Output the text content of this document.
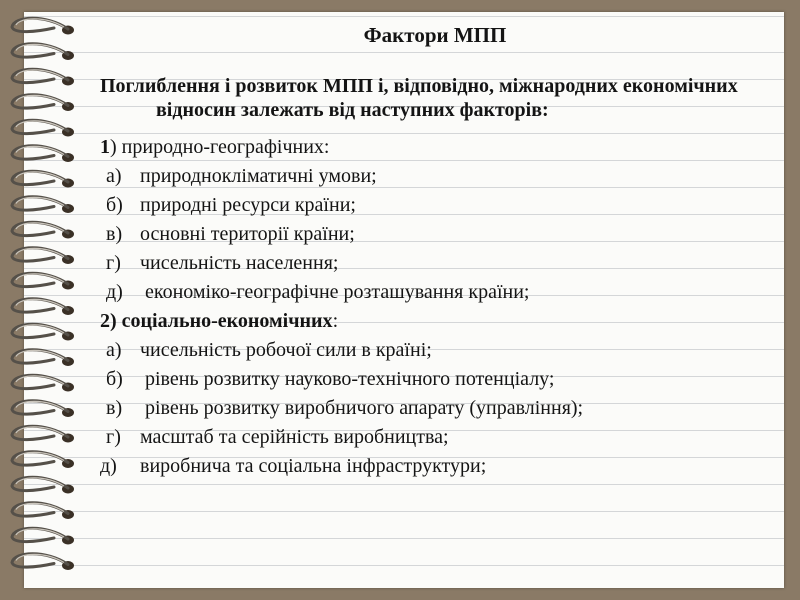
Фактори МПП

Поглиблення і розвиток МПП і, відповідно, міжнародних економічних відносин залежать від наступних факторів:

1) природно-географічних:
а) природнокліматичні умови;
б) природні ресурси країни;
в) основні території країни;
г) чисельність населення;
д) економіко-географічне розташування країни;
2) соціально-економічних:
а) чисельність робочої сили в країні;
б) рівень розвитку науково-технічного потенціалу;
в) рівень розвитку виробничого апарату (управління);
г) масштаб та серійність виробництва;
д) виробнича та соціальна інфраструктури;
